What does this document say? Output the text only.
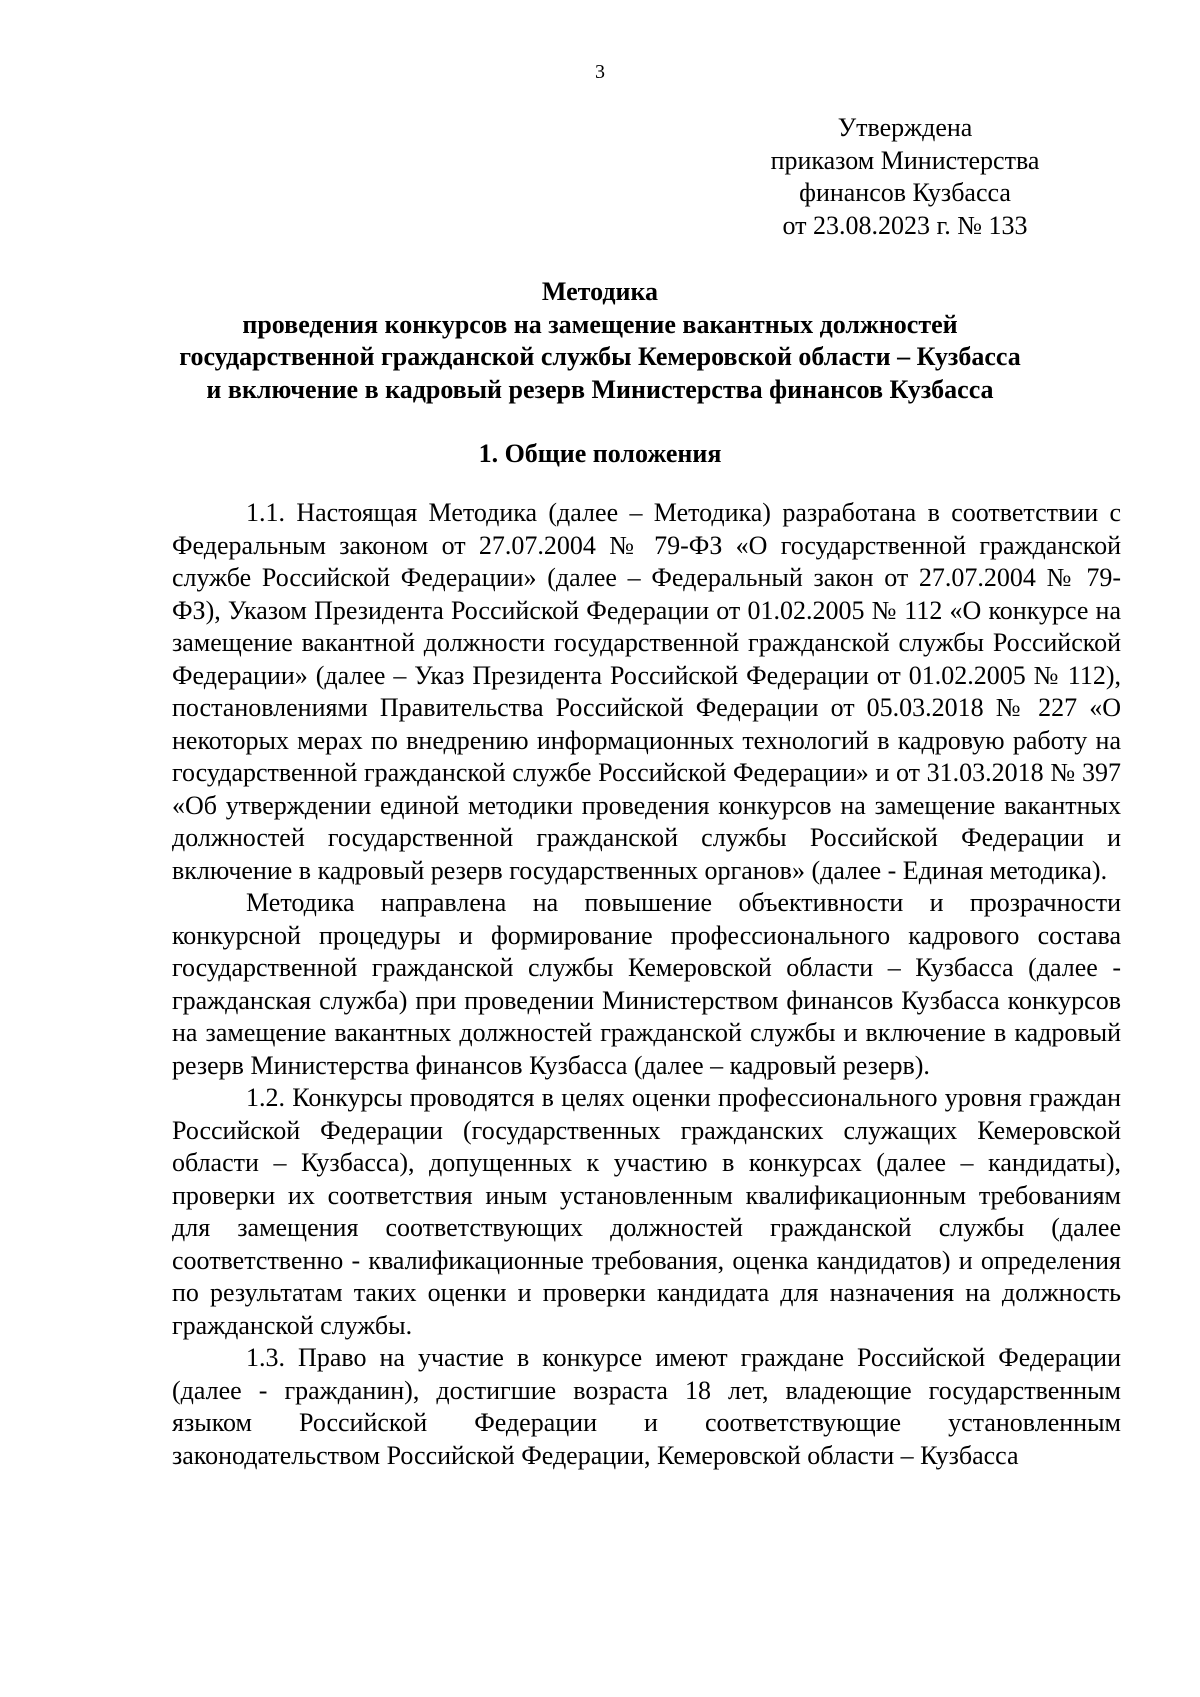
3
Утверждена
приказом Министерства
финансов Кузбасса
от 23.08.2023 г. № 133
Методика
проведения конкурсов на замещение вакантных должностей
государственной гражданской службы Кемеровской области – Кузбасса
и включение в кадровый резерв Министерства финансов Кузбасса
1. Общие положения

1.1. Настоящая Методика (далее – Методика) разработана в соответствии с Федеральным законом от 27.07.2004 № 79-ФЗ «О государственной гражданской службе Российской Федерации» (далее – Федеральный закон от 27.07.2004 № 79-ФЗ), Указом Президента Российской Федерации от 01.02.2005 № 112 «О конкурсе на замещение вакантной должности государственной гражданской службы Российской Федерации» (далее – Указ Президента Российской Федерации от 01.02.2005 № 112), постановлениями Правительства Российской Федерации от 05.03.2018 № 227 «О некоторых мерах по внедрению информационных технологий в кадровую работу на государственной гражданской службе Российской Федерации» и от 31.03.2018 № 397 «Об утверждении единой методики проведения конкурсов на замещение вакантных должностей государственной гражданской службы Российской Федерации и включение в кадровый резерв государственных органов» (далее - Единая методика).

Методика направлена на повышение объективности и прозрачности конкурсной процедуры и формирование профессионального кадрового состава государственной гражданской службы Кемеровской области – Кузбасса (далее - гражданская служба) при проведении Министерством финансов Кузбасса конкурсов на замещение вакантных должностей гражданской службы и включение в кадровый резерв Министерства финансов Кузбасса (далее – кадровый резерв).

1.2. Конкурсы проводятся в целях оценки профессионального уровня граждан Российской Федерации (государственных гражданских служащих Кемеровской области – Кузбасса), допущенных к участию в конкурсах (далее – кандидаты), проверки их соответствия иным установленным квалификационным требованиям для замещения соответствующих должностей гражданской службы (далее соответственно - квалификационные требования, оценка кандидатов) и определения по результатам таких оценки и проверки кандидата для назначения на должность гражданской службы.

1.3. Право на участие в конкурсе имеют граждане Российской Федерации (далее - гражданин), достигшие возраста 18 лет, владеющие государственным языком Российской Федерации и соответствующие установленным законодательством Российской Федерации, Кемеровской области – Кузбасса
